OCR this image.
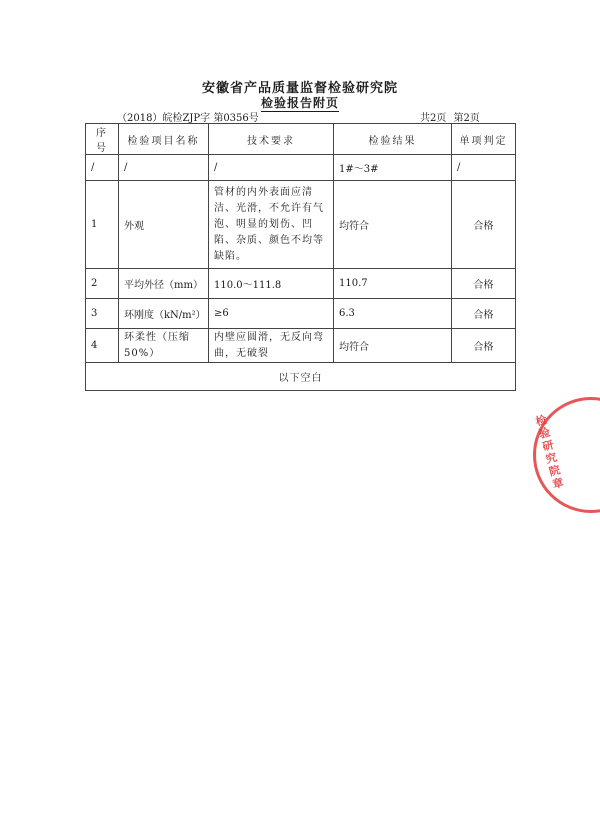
安徽省产品质量监督检验研究院
检验报告附页
（2018）皖检ZJP字 第0356号	共2页 第2页
序号	检验项目名称	技术要求	检验结果	单项判定
/	/	/	1#～3#	/
1	外观	管材的内外表面应清洁、光滑，不允许有气泡、明显的划伤、凹陷、杂质、颜色不均等缺陷。	均符合	合格
2	平均外径（mm）	110.0～111.8	110.7	合格
3	环刚度（kN/m²）	≥6	6.3	合格
4	环柔性（压缩50%）	内壁应圆滑，无反向弯曲，无破裂	均符合	合格
以下空白				
检验研究院章
